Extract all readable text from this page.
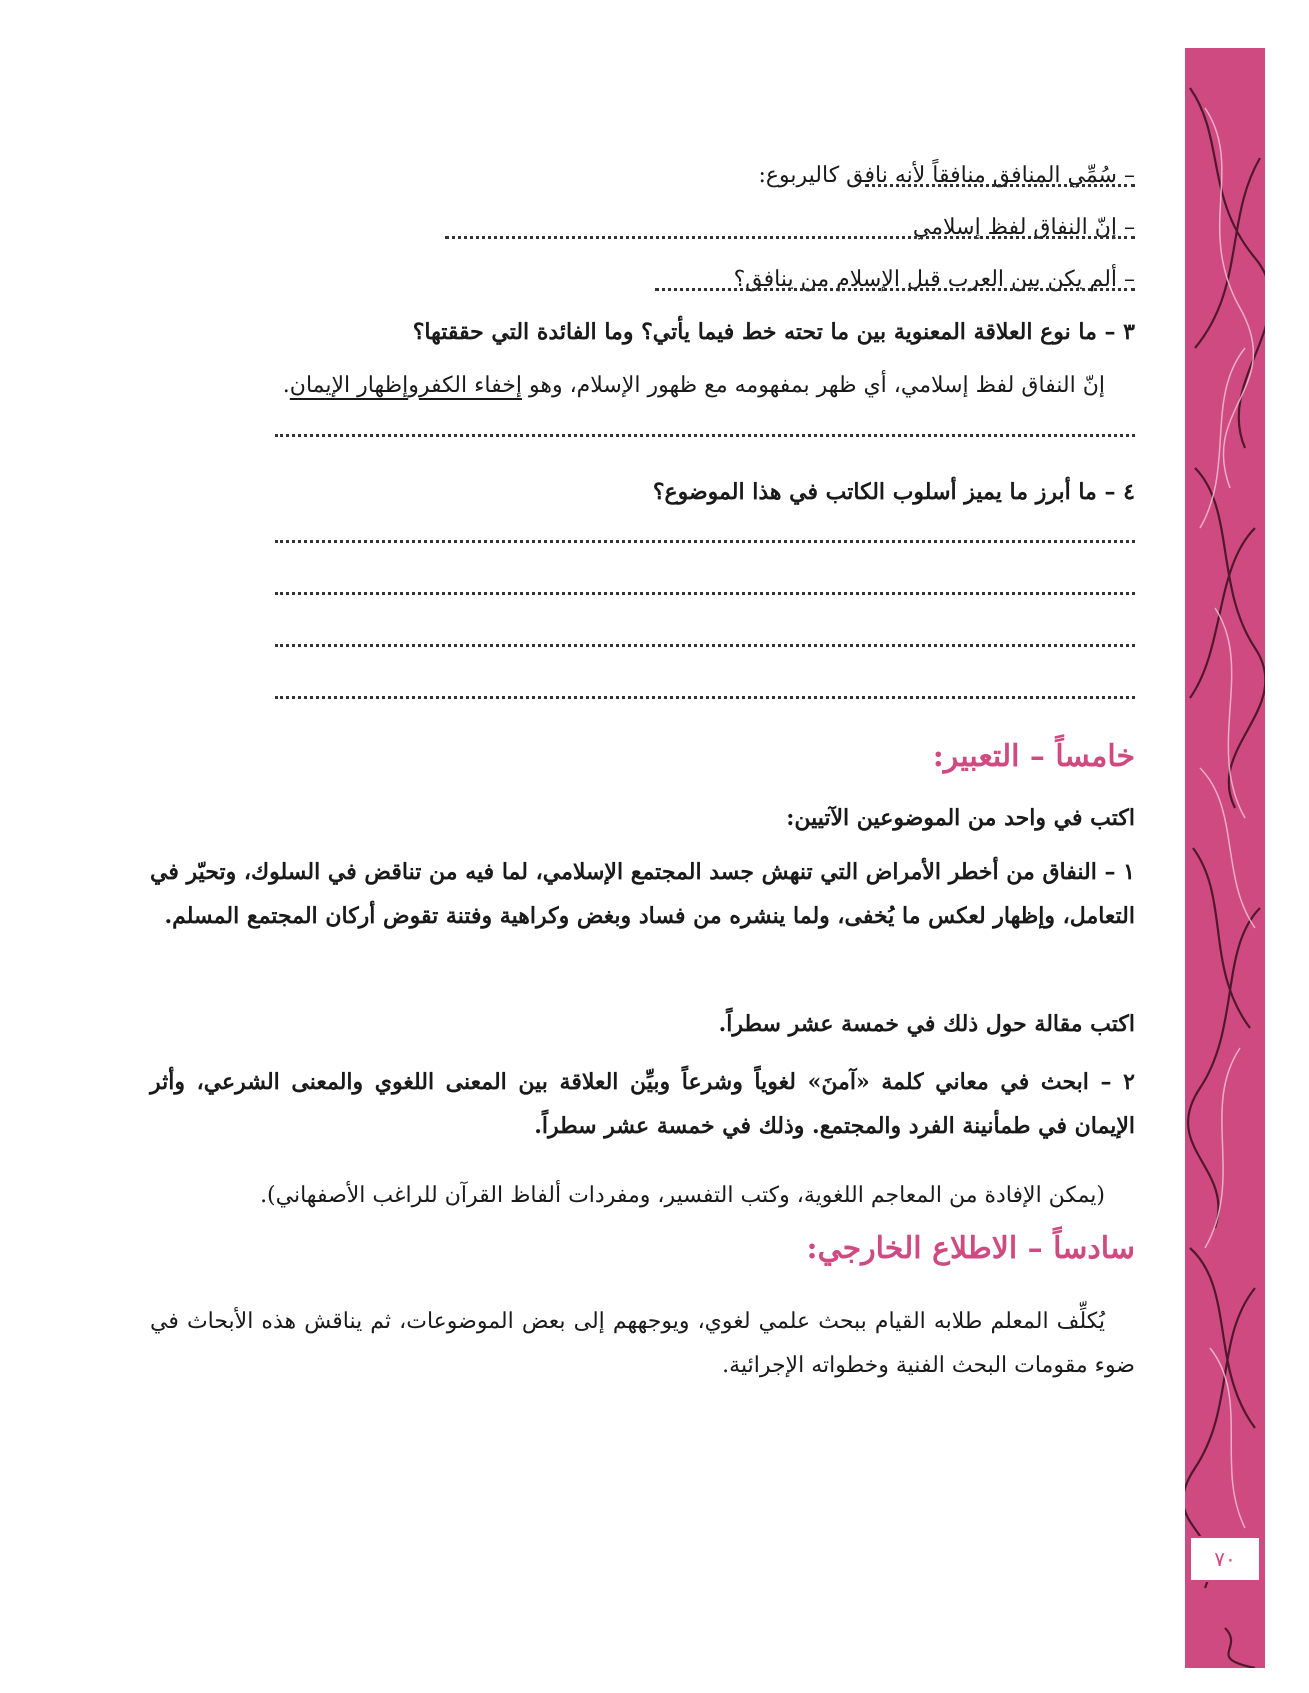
٧٠
– سُمِّي المنافق منافقاً لأنه نافق كاليربوع:
– إنّ النفاق لفظ إسلامي
– ألم يكن بين العرب قبل الإسلام من ينافق؟
٣ – ما نوع العلاقة المعنوية بين ما تحته خط فيما يأتي؟ وما الفائدة التي حققتها؟
إنّ النفاق لفظ إسلامي، أي ظهر بمفهومه مع ظهور الإسلام، وهو إخفاء الكفروإظهار الإيمان.
٤ – ما أبرز ما يميز أسلوب الكاتب في هذا الموضوع؟
خامساً – التعبير:
اكتب في واحد من الموضوعين الآتيين:
١ – النفاق من أخطر الأمراض التي تنهش جسد المجتمع الإسلامي، لما فيه من تناقض في السلوك، وتحيّر في التعامل، وإظهار لعكس ما يُخفى، ولما ينشره من فساد وبغض وكراهية وفتنة تقوض أركان المجتمع المسلم.
اكتب مقالة حول ذلك في خمسة عشر سطراً.
٢ – ابحث في معاني كلمة «آمنَ» لغوياً وشرعاً وبيِّن العلاقة بين المعنى اللغوي والمعنى الشرعي، وأثر الإيمان في طمأنينة الفرد والمجتمع. وذلك في خمسة عشر سطراً.
(يمكن الإفادة من المعاجم اللغوية، وكتب التفسير، ومفردات ألفاظ القرآن للراغب الأصفهاني).
سادساً – الاطلاع الخارجي:
يُكلِّف المعلم طلابه القيام ببحث علمي لغوي، ويوجههم إلى بعض الموضوعات، ثم يناقش هذه الأبحاث في ضوء مقومات البحث الفنية وخطواته الإجرائية.
